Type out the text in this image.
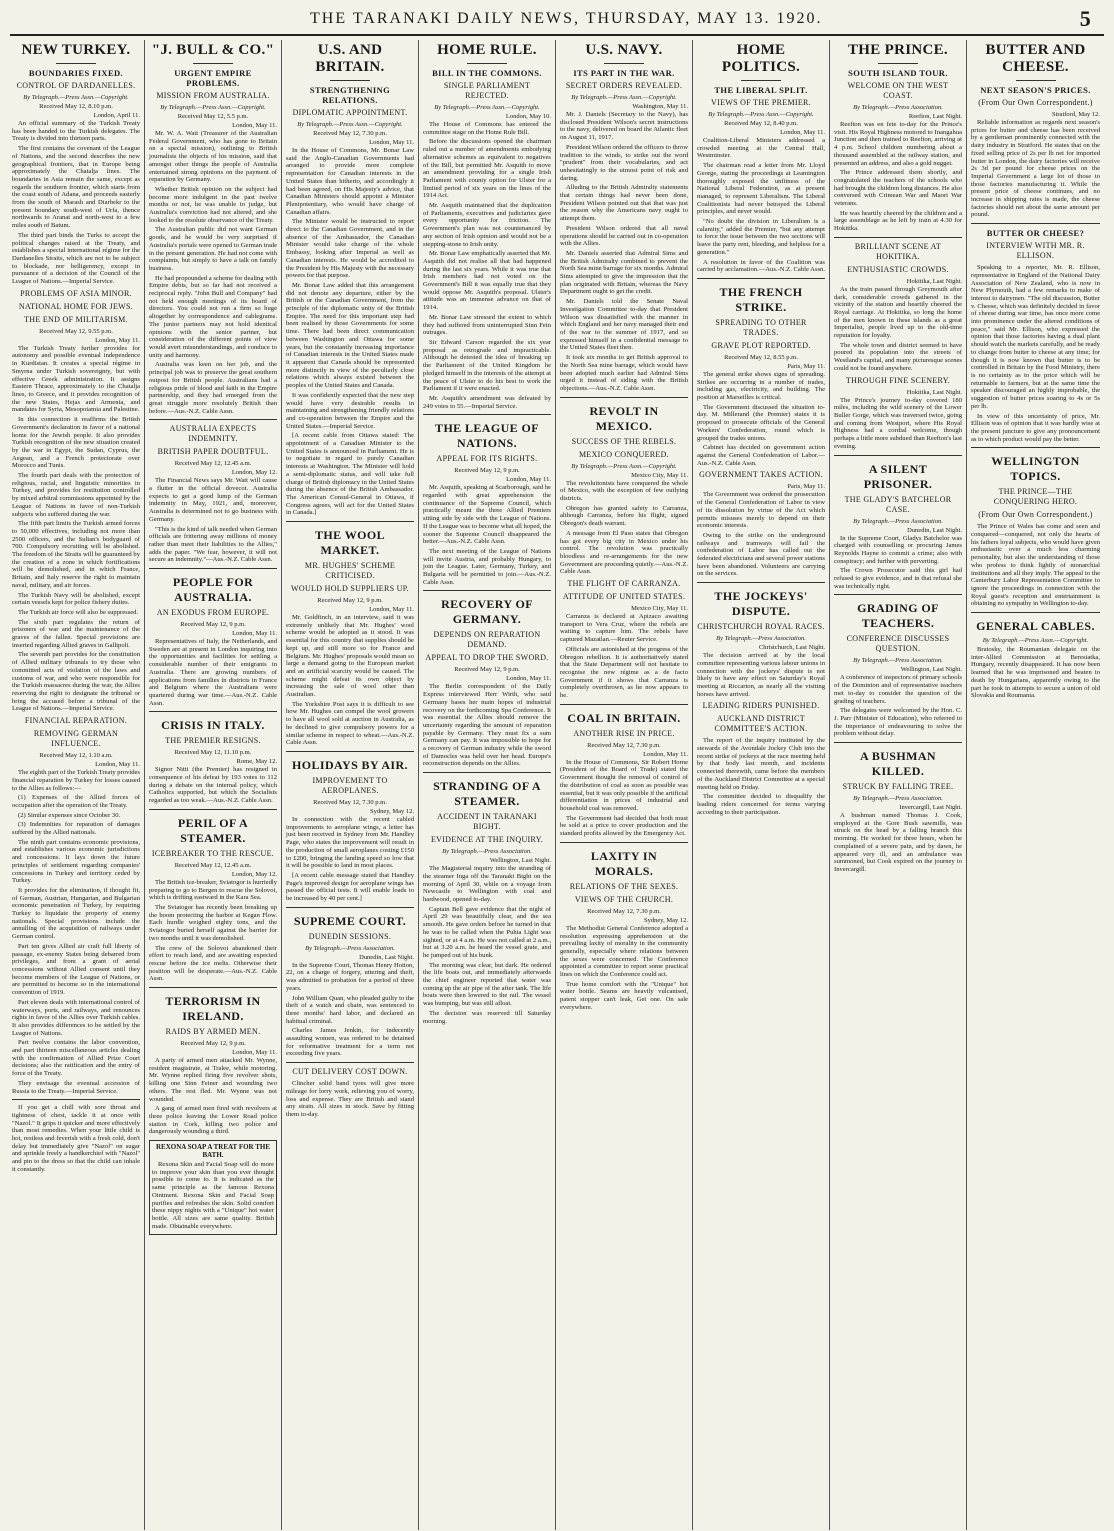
THE TARANAKI DAILY NEWS, THURSDAY, MAY 13. 1920.	5
NEW TURKEY.
BOUNDARIES FIXED.
CONTROL OF DARDANELLES.
By Telegraph.—Press Assn.—Copyright.
Received May 12, 8.10 p.m.
London, April 11.

An official summary of the Turkish Treaty has been handed to the Turkish delegates. The Treaty is divided into thirteen parts.

The first contains the covenant of the League of Nations, and the second describes the new geographical frontiers, that in Europe being approximately the Chatalja lines. The boundaries in Asia remain the same, except as regards the southern frontier, which starts from the coast south of Adana, and proceeds easterly from the south of Marash and Diarbekr to the present boundary south-west of Urfa, thence northwards to Aranat and north-west to a few miles south of Batum.

The third part binds the Turks to accept the political changes raised at the Treaty, and establishes a special international régime for the Dardanelles Straits, which are not to be subject to blockade, nor belligerency, except in pursuance of a decision of the Council of the League of Nations.—Imperial Service.

PROBLEMS OF ASIA MINOR.
NATIONAL HOME FOR JEWS.
THE END OF MILITARISM.
Received May 12, 9.55 p.m.
London, May 11.

The Turkish Treaty further provides for autonomy and possible eventual independence in Kurdistan. It creates a special régime in Smyrna under Turkish sovereignty, but with effective Greek administration. It assigns Eastern Thrace, approximately to the Chatalja lines, to Greece, and it provides recognition of the new States, Hejas and Armenia, and mandates for Syria, Mesopotamia and Palestine.

In this connection it reaffirms the British Government's declaration in favor of a national home for the Jewish people. It also provides Turkish recognition of the new situation created by the war in Egypt, the Sudan, Cyprus, the Aegean, and a French protectorate over Morocco and Tunis.

The fourth part deals with the protection of religious, racial, and linguistic minorities in Turkey, and provides for restitution controlled by mixed arbitral commissions appointed by the League of Nations in favor of non-Turkish subjects who suffered during the war.

The fifth part limits the Turkish armed forces to 50,000 effectives, including not more than 2500 officers, and the Sultan's bodyguard of 700. Compulsory recruiting will be abolished. The freedom of the Straits will be guaranteed by the creation of a zone in which fortifications will be demolished, and in which France, Britain, and Italy reserve the right to maintain naval, military, and air forces.

The Turkish Navy will be abolished, except certain vessels kept for police fishery duties.

The Turkish air force will also be suppressed.

The sixth part regulates the return of prisoners of war and the maintenance of the graves of the fallen. Special provisions are inserted regarding Allied graves in Gallipoli.

The seventh part provides for the constitution of Allied military tribunals to try those who committed acts of violation of the laws and customs of war, and who were responsible for the Turkish massacres during the war, the Allies reserving the right to designate the tribunal or bring the accused before a tribunal of the League of Nations.—Imperial Service.

FINANCIAL REPARATION.
REMOVING GERMAN INFLUENCE.
Received May 12, 1.10 a.m.
London, May 11.

The eighth part of the Turkish Treaty provides financial reparation by Turkey for losses caused to the Allies as follows:—

(1) Expenses of the Allied forces of occupation after the operation of the Treaty.

(2) Similar expenses since October 30.

(3) Indemnities for reparation of damages suffered by the Allied nationals.

The ninth part contains economic provisions, and establishes various economic jurisdictions and concessions. It lays down the future principles of settlement regarding companies' concessions in Turkey and territory ceded by Turkey.

It provides for the elimination, if thought fit, of German, Austrian, Hungarian, and Bulgarian economic penetration of Turkey, by requiring Turkey to liquidate the property of enemy nationals. Special provisions include the annulling of the acquisition of railways under German control.

Part ten gives Allied air craft full liberty of passage, ex-enemy States being debarred from privileges, and from a grant of aerial concessions without Allied consent until they become members of the League of Nations, or are permitted to become so in the international convention of 1919.

Part eleven deals with international control of waterways, ports, and railways, and renounces rights in favor of the Allies over Turkish cables. It also provides differences to be settled by the League of Nations.

Part twelve contains the labor convention, and part thirteen miscellaneous articles dealing with the confirmation of Allied Prize Court decisions; also the ratification and the entry of force of the Treaty.

They envisage the eventual accession of Russia to the Treaty.—Imperial Service.

If you get a chill with sore throat and tightness of chest, tackle it at once with "Nazol." It grips it quicker and more effectively than most remedies. When your little child is hot, restless and feverish with a fresh cold, don't delay but immediately give "Nazol" on sugar and sprinkle freely a handkerchief with "Nazol" and pin to the dress so that the child can inhale it constantly.

"J. BULL & CO."
URGENT EMPIRE PROBLEMS.
MISSION FROM AUSTRALIA.
By Telegraph.—Press Assn.—Copyright.
Received May 12, 5.5 p.m.
London, May 11.

Mr. W. A. Watt (Treasurer of the Australian Federal Government, who has gone to Britain on a special mission), outlining to British journalists the objects of his mission, said that amongst other things the people of Australia entertained strong opinions on the payment of reparation by Germany.

Whether British opinion on the subject had become more indulgent in the past twelve months or not, he was unable to judge, but Australia's conviction had not altered, and she looked to the resolute observance of the Treaty.

The Australian public did not want German goods, and he would be very surprised if Australia's portals were opened to German trade in the present generation. He had not come with complaints, but simply to have a talk on family business.

He had propounded a scheme for dealing with Empire debts, but so far had not received a reciprocal reply. "John Bull and Company" had not held enough meetings of its board of directors. You could not run a firm so huge altogether by correspondence and cablegrams. The junior partners may not hold identical opinions with the senior partner, but consideration of the different points of view would avert misunderstandings, and conduce to unity and harmony.

Australia was keen on her job, and the principal job was to preserve the great southern outpost for British people. Australians had a religious pride of blood and faith in the Empire partnership, and they had emerged from the great struggle more resolutely British than before.—Aus.-N.Z. Cable Assn.

AUSTRALIA EXPECTS INDEMNITY.
BRITISH PAPER DOUBTFUL.
Received May 12, 12.45 a.m.
London, May 12.

The Financial News says Mr. Watt will cause a flutter in the official dovecot. Australia expects to get a good lump of the German indemnity in May, 1921, and, moreover, Australia is determined not to go business with Germany.

"This is the kind of talk needed when German officials are frittering away millions of money rather than meet their liabilities to the Allies," adds the paper. "We fear, however, it will not secure an indemnity."—Aus.-N.Z. Cable Assn.

PEOPLE FOR AUSTRALIA.
AN EXODUS FROM EUROPE.
Received May 12, 9 p.m.
London, May 11.

Representatives of Italy, the Netherlands, and Sweden are at present in London inquiring into the opportunities and facilities for settling a considerable number of their emigrants in Australia. There are growing numbers of applications from families in districts in France and Belgium where the Australians were quartered during war time.—Aus.-N.Z. Cable Assn.

CRISIS IN ITALY.
THE PREMIER RESIGNS.
Received May 12, 11.10 p.m.
Rome, May 12.

Signor Nitti (the Premier) has resigned in consequence of his defeat by 193 votes to 112 during a debate on the internal policy, which Catholics supported, but which the Socialists regarded as too weak.—Aus.-N.Z. Cable Assn.

PERIL OF A STEAMER.
ICEBREAKER TO THE RESCUE.
Received May 12, 12.45 a.m.
London, May 12.

The British ice-breaker, Sviatogor is hurriedly preparing to go to Bergen to rescue the Solovoi, which is drifting eastward in the Kara Sea.

The Sviatogor has recently been breaking up the boom protecting the harbor at Kegan Flow. Each hurdle weighed eighty tons, and the Sviatogor buried herself against the barrier for two months until it was demolished.

The crew of the Solovoi abandoned their effort to reach land, and are awaiting expected rescue before the ice melts. Otherwise their position will be desperate.—Aus.-N.Z. Cable Assn.

TERRORISM IN IRELAND.
RAIDS BY ARMED MEN.
Received May 12, 9 p.m.
London, May 11.

A party of armed men attacked Mr. Wynne, resident magistrate, at Tralee, while motoring. Mr. Wynne replied firing five revolver shots, killing one Sinn Feiner and wounding two others. The rest fled. Mr. Wynne was not wounded.

A gang of armed men fired with revolvers at three police leaving the Lower Road police station in Cork, killing two police and dangerously wounding a third.

REXONA SOAP A TREAT FOR THE BATH.

Rexona Skin and Facial Soap will do more to improve your skin than you ever thought possible to come to. It is indicated as the same principle as the famous Rexona Ointment. Rexona Skin and Facial Soap purifies and refreshes the skin. Solid comfort these nippy nights with a "Unique" hot water bottle. All sizes are same quality. British made. Obtainable everywhere.

U.S. AND BRITAIN.
STRENGTHENING RELATIONS.
DIPLOMATIC APPOINTMENT.
By Telegraph.—Press Assn.—Copyright.
Received May 12, 7.30 p.m.
London, May 11.

In the House of Commons, Mr. Bonar Law said the Anglo-Canadian Governments had arranged to provide more complete representation for Canadian interests in the United States than hitherto, and accordingly it had been agreed, on His Majesty's advice, that Canadian Ministers should appoint a Minister Plenipotentiary, who would have charge of Canadian affairs.

The Minister would be instructed to report direct to the Canadian Government, and in the absence of the Ambassador, the Canadian Minister would take charge of the whole Embassy, looking after Imperial as well as Canadian interests. He would be accredited to the President by His Majesty with the necessary powers for that purpose.

Mr. Bonar Law added that this arrangement did not denote any departure, either by the British or the Canadian Government, from the principle of the diplomatic unity of the British Empire. The need for this important step had been realised by those Governments for some time. There had been direct communication between Washington and Ottawa for some years, but the constantly increasing importance of Canadian interests in the United States made it apparent that Canada should be represented more distinctly in view of the peculiarly close relations which always existed between the peoples of the United States and Canada.

It was confidently expected that the new step would have very desirable results in maintaining and strengthening friendly relations and co-operation between the Empire and the United States.—Imperial Service.

[A recent cable from Ottawa stated: The appointment of a Canadian Minister to the United States is announced in Parliament. He is to negotiate in regard to purely Canadian interests at Washington. The Minister will hold a semi-diplomatic status, and will take full charge of British diplomacy in the United States during the absence of the British Ambassador. The American Consul-General in Ottawa, if Congress agrees, will act for the United States in Canada.]

THE WOOL MARKET.
MR. HUGHES' SCHEME CRITICISED.
WOULD HOLD SUPPLIERS UP.
Received May 12, 9 p.m.
London, May 11.

Mr. Goldfinch, in an interview, said it was extremely unlikely that Mr. Hughes' wool scheme would be adopted as it stood. It was essential for this country that supplies should be kept up, and still more so for France and Belgium. Mr. Hughes' proposals would mean so large a demand going to the European market and an artificial scarcity would be caused. The scheme might defeat its own object by increasing the sale of wool other than Australian.

The Yorkshire Post says it is difficult to see how Mr. Hughes can compel the wool growers to have all wool sold at auction in Australia, as he declined to give compulsory powers for a similar scheme in respect to wheat.—Aus.-N.Z. Cable Assn.

HOLIDAYS BY AIR.
IMPROVEMENT TO AEROPLANES.
Received May 12, 7.30 p.m.
Sydney, May 12.

In connection with the recent cabled improvements to aeroplane wings, a letter has just been received in Sydney from Mr. Handley Page, who states the improvement will result in the production of small aeroplanes costing £150 to £200, bringing the landing speed so low that it will be possible to land in most places.

[A recent cable message stated that Handley Page's improved design for aeroplane wings has passed the official tests. It will enable loads to be increased by 40 per cent.]

SUPREME COURT.
DUNEDIN SESSIONS.
By Telegraph.—Press Association.
Dunedin, Last Night.

In the Supreme Court, Thomas Henry Hotton, 22, on a charge of forgery, uttering and theft, was admitted to probation for a period of three years.

John William Quan, who pleaded guilty to the theft of a watch and chain, was sentenced to three months' hard labor, and declared an habitual criminal.

Charles James Jenkin, for indecently assaulting women, was ordered to be detained for reformative treatment for a term not exceeding five years.

CUT DELIVERY COST DOWN.

Clincher solid band tyres will give more mileage for lorry work, relieving you of worry, loss and expense. They are British and stand any strain. All sizes in stock. Save by fitting them to-day.

HOME RULE.
BILL IN THE COMMONS.
SINGLE PARLIAMENT REJECTED.
By Telegraph.—Press Assn.—Copyright.
London, May 10.

The House of Commons has entered the committee stage on the Home Rule Bill.

Before the discussions opened the chairman ruled out a number of amendments embodying alternative schemes as equivalent to negatives of the Bill, but permitted Mr. Asquith to move an amendment providing for a single Irish Parliament with county option for Ulster for a limited period of six years on the lines of the 1914 Act.

Mr. Asquith maintained that the duplication of Parliaments, executives and judiciaries gave every opportunity for friction. The Government's plan was not countenanced by any section of Irish opinion and would not be a stepping-stone to Irish unity.

Mr. Bonar Law emphatically asserted that Mr. Asquith did not realise all that had happened during the last six years. While it was true that Irish members had not voted on the Government's Bill it was equally true that they would oppose Mr. Asquith's proposal. Ulster's attitude was an immense advance on that of 1914.

Mr. Bonar Law stressed the extent to which they had suffered from uninterrupted Sinn Fein outrages.

Sir Edward Carson regarded the six year proposal as retrograde and impracticable. Although he detested the idea of breaking up the Parliament of the United Kingdom he pledged himself in the interests of the attempt at the peace of Ulster to do his best to work the Parliament if it were enacted.

Mr. Asquith's amendment was defeated by 249 votes to 55.—Imperial Service.

THE LEAGUE OF NATIONS.
APPEAL FOR ITS RIGHTS.
Received May 12, 9 p.m.
London, May 11.

Mr. Asquith, speaking at Scarborough, said he regarded with great apprehension the continuance of the Supreme Council, which practically meant the three Allied Premiers sitting side by side with the League of Nations. If the League was to become what all hoped, the sooner the Supreme Council disappeared the better.—Aus.-N.Z. Cable Assn.

The next meeting of the League of Nations will invite Austria, and probably Hungary, to join the League. Later, Germany, Turkey, and Bulgaria will be permitted to join.—Aus.-N.Z. Cable Assn.

RECOVERY OF GERMANY.
DEPENDS ON REPARATION DEMAND.
APPEAL TO DROP THE SWORD.
Received May 12, 9 p.m.
London, May 11.

The Berlin correspondent of the Daily Express interviewed Herr Wirth, who said Germany bases her main hopes of industrial recovery on the forthcoming Spa Conference. It was essential the Allies should remove the uncertainty regarding the amount of reparation payable by Germany. They must fix a sum Germany can pay. It was impossible to hope for a recovery of German industry while the sword of Damocles was held over her head. Europe's reconstruction depends on the Allies.

STRANDING OF A STEAMER.
ACCIDENT IN TARANAKI BIGHT.
EVIDENCE AT THE INQUIRY.
By Telegraph.—Press Association.
Wellington, Last Night.

The Magisterial inquiry into the stranding of the steamer Inga off the Taranaki Bight on the morning of April 30, while on a voyage from Newcastle to Wellington with coal and hardwood, opened to-day.

Captain Bell gave evidence that the night of April 29 was beautifully clear, and the sea smooth. He gave orders before he turned in that he was to be called when the Puhia Light was sighted, or at 4 a.m. He was not called at 2 a.m., but at 3.20 a.m. he heard the vessel grate, and he jumped out of his bunk.

The morning was clear, but dark. He ordered the life boats out, and immediately afterwards the chief engineer reported that water was coming up the air pipe of the after tank. The life boats were then lowered to the rail. The vessel was bumping, but was still afloat.

The decision was reserved till Saturday morning.

U.S. NAVY.
ITS PART IN THE WAR.
SECRET ORDERS REVEALED.
By Telegraph.—Press Assn.—Copyright.
Washington, May 11.

Mr. J. Daniels (Secretary to the Navy), has disclosed President Wilson's secret instructions to the navy, delivered on board the Atlantic fleet on August 11, 1917.

President Wilson ordered the officers to throw tradition to the winds, to strike out the word "prudent" from their vocabularies, and act unhesitatingly to the utmost point of risk and daring.

Alluding to the British Admiralty statements that certain things had never been done, President Wilson pointed out that that was just the reason why the Americans navy ought to attempt them.

President Wilson ordered that all naval operations should be carried out in co-operation with the Allies.

Mr. Daniels asserted that Admiral Sims and the British Admiralty combined to prevent the North Sea mine barrage for six months. Admiral Sims attempted to give the impression that the plan originated with Britain, whereas the Navy Department ought to get the credit.

Mr. Daniels told the Senate Naval Investigation Committee to-day that President Wilson was dissatisfied with the manner in which England and her navy managed their end of the war to the summer of 1917, and so expressed himself in a confidential message to the United States fleet then.

It took six months to get British approval to the North Sea mine barrage, which would have been adopted much earlier had Admiral Sims urged it instead of siding with the British objections.—Aus.-N.Z. Cable Assn.

REVOLT IN MEXICO.
SUCCESS OF THE REBELS.
MEXICO CONQUERED.
By Telegraph.—Press Assn.—Copyright.
Mexico City, May 11.

The revolutionists have conquered the whole of Mexico, with the exception of few outlying districts.

Obregon has granted safety to Carranza, although Carranza, before his flight, signed Obregon's death warrant.

A message from El Paso states that Obregon has got every big city in Mexico under his control. The revolution was practically bloodless and re-arrangements for the new Government are proceeding quietly.—Aus.-N.Z. Cable Assn.

THE FLIGHT OF CARRANZA.
ATTITUDE OF UNITED STATES.
Mexico City, May 11.

Carranza is declared at Apizaco awaiting transport to Vera Cruz, where the rebels are waiting to capture him. The rebels have captured Mazatlan.—Reuter Service.

Officials are astonished at the progress of the Obregon rebellion. It is authoritatively stated that the State Department will not hesitate to recognise the new régime as a de facto Government if it shows that Carranza is completely overthrown, as he now appears to be.

COAL IN BRITAIN.
ANOTHER RISE IN PRICE.
Received May 12, 7.30 p.m.
London, May 11.

In the House of Commons, Sir Robert Horne (President of the Board of Trade) stated the Government thought the removal of control of the distribution of coal as soon as possible was essential, but it was only possible if the artificial differentiation in prices of industrial and household coal was removed.

The Government had decided that both must be sold at a price to cover production and the standard profits allowed by the Emergency Act.

LAXITY IN MORALS.
RELATIONS OF THE SEXES.
VIEWS OF THE CHURCH.
Received May 12, 7.30 p.m.
Sydney, May 12.

The Methodist General Conference adopted a resolution expressing apprehension at the prevailing laxity of morality in the community generally, especially where relations between the sexes were concerned. The Conference appointed a committee to report some practical lines on which the Conference could act.

True home comfort with the "Unique" hot water bottle. Seams are heavily vulcanised, patent stopper can't leak, Get one. On sale everywhere.

HOME POLITICS.
THE LIBERAL SPLIT.
VIEWS OF THE PREMIER.
By Telegraph.—Press Assn.—Copyright.
Received May 12, 8.40 p.m.
London, May 11.

Coalition-Liberal Ministers addressed a crowded meeting at the Central Hall, Westminster.

The chairman read a letter from Mr. Lloyd George, stating the proceedings at Leamington thoroughly exposed the unfitness of the National Liberal Federation, as at present managed, to represent Liberalism. The Liberal Coalitionists had never betrayed the Liberal principles, and never would.

"No doubt the division in Liberalism is a calamity," added the Premier, "but any attempt to force the issue between the two sections will leave the party rent, bleeding, and helpless for a generation."

A resolution in favor of the Coalition was carried by acclamation.—Aus.-N.Z. Cable Assn.

THE FRENCH STRIKE.
SPREADING TO OTHER TRADES.
GRAVE PLOT REPORTED.
Received May 12, 8.55 p.m.
Paris, May 11.

The general strike shows signs of spreading. Strikes are occurring in a number of trades, including gas, electricity, and building. The position at Marseilles is critical.

The Government discussed the situation to-day. M. Millerand (the Premier) states it is proposed to prosecute officials of the General Workers' Confederation, round which is grouped the trades unions.

Cabinet has decided on government action against the General Confederation of Labor.—Aus.-N.Z. Cable Assn.

GOVERNMENT TAKES ACTION.
Paris, May 11.

The Government was ordered the prosecution of the General Confederation of Labor in view of its dissolution by virtue of the Act which permits misuses merely to depend on their economic interests.

Owing to the strike on the underground railways and tramways will fail the confederation of Labor has called out the federated electricians and several power stations have been abandoned. Volunteers are carrying on the services.

THE JOCKEYS' DISPUTE.
CHRISTCHURCH ROYAL RACES.
By Telegraph.—Press Association.
Christchurch, Last Night.

The decision arrived at by the local committee representing various labour unions in connection with the jockeys' dispute is not likely to have any effect on Saturday's Royal meeting at Riccarton, as nearly all the visiting horses have arrived.

LEADING RIDERS PUNISHED.
AUCKLAND DISTRICT COMMITTEE'S ACTION.

The report of the inquiry instituted by the stewards of the Avondale Jockey Club into the recent strike of jockeys at the race meeting held by that body last month, and incidents connected therewith, came before the members of the Auckland District Committee at a special meeting held on Friday.

The committee decided to disqualify the leading riders concerned for terms varying according to their participation.

THE PRINCE.
SOUTH ISLAND TOUR.
WELCOME ON THE WEST COAST.
By Telegraph.—Press Association.
Reefton, Last Night.

Reefton was en fete to-day for the Prince's visit. His Royal Highness motored to Inangahua Junction and then trained to Reefton, arriving at 4 p.m. School children numbering about a thousand assembled at the railway station, and presented an address, and also a gold nugget.

The Prince addressed them shortly, and congratulated the teachers of the schools who had brought the children long distances. He also conversed with Crimean War and Maori War veterans.

He was heartily cheered by the children and a large assemblage as he left by train at 4.30 for Hokitika.

BRILLIANT SCENE AT HOKITIKA.
ENTHUSIASTIC CROWDS.
Hokitika, Last Night.

As the train passed through Greymouth after dark, considerable crowds gathered in the vicinity of the station and heartily cheered the Royal carriage. At Hokitika, so long the home of the men known in these islands as a great Imperialist, people lived up to the old-time reputation for loyalty.

The whole town and district seemed to have poured its population into the streets of Westland's capital, and many picturesque scenes could not be found anywhere.

THROUGH FINE SCENERY.
Hokitika, Last Night.

The Prince's journey to-day covered 180 miles, including the wild scenery of the Lower Buller Gorge, which was traversed twice, going and coming from Westport, where His Royal Highness had a cordial welcome, though perhaps a little more subdued than Reefton's last evening.

A SILENT PRISONER.
THE GLADY'S BATCHELOR CASE.
By Telegraph.—Press Association.
Dunedin, Last Night.

In the Supreme Court, Gladys Batchelor was charged with counselling or procuring James Reynolds Hayne to commit a crime; also with conspiracy; and further with perverting.

The Crown Prosecutor said this girl had refused to give evidence, and in that refusal she was technically right.

GRADING OF TEACHERS.
CONFERENCE DISCUSSES QUESTION.
By Telegraph.—Press Association.
Wellington, Last Night.

A conference of inspectors of primary schools of the Dominion and of representative teachers met to-day to consider the question of the grading of teachers.

The delegates were welcomed by the Hon. C. J. Parr (Minister of Education), who referred to the importance of endeavouring to solve the problem without delay.

A BUSHMAN KILLED.
STRUCK BY FALLING TREE.
By Telegraph.—Press Association.
Invercargill, Last Night.

A bushman named Thomas J. Cook, employed at the Gore Bush sawmills, was struck on the head by a falling branch this morning. He worked for three hours, when he complained of a severe pain, and by dawn, he appeared very ill, and an ambulance was summoned, but Cook expired on the journey to Invercargill.

BUTTER AND CHEESE.
NEXT SEASON'S PRICES.
(From Our Own Correspondent.)
Stratford, May 12.

Reliable information as regards next season's prices for butter and cheese has been received by a gentleman prominently connected with the dairy industry in Stratford. He states that on the fixed selling price of 2s per lb net for imported butter in London, the dairy factories will receive 2s 3d per pound for cheese prices on the Imperial Government a large lot of those to those factories manufacturing it. While the present price of cheese continues, and no increase in shipping rates is made, the cheese factories should net about the same amount per pound.

BUTTER OR CHEESE?
INTERVIEW WITH MR. R. ELLISON.

Speaking to a reporter, Mr. R. Ellison, representative in England of the National Dairy Association of New Zealand, who is now in New Plymouth, had a few remarks to make of interest to dairymen. "The old discussion, Butter v. Cheese, which was definitely decided in favor of cheese during war time, has once more come into prominence under the altered conditions of peace," said Mr. Ellison, who expressed the opinion that those factories having a dual plant should watch the markets carefully, and be ready to change from butter to cheese at any time; for though it is now known that butter is to be controlled in Britain by the Food Ministry, there is no certainty as to the price which will be returnable to farmers, but at the same time the speaker discouraged an highly improbable, the suggestion of butter prices soaring to 4s or 5s per lb.

In view of this uncertainty of price, Mr. Ellison was of opinion that it was hardly wise at the present juncture to give any pronouncement as to which product would pay the better.

WELLINGTON TOPICS.
THE PRINCE—THE CONQUERING HERO.
(From Our Own Correspondent.)

The Prince of Wales has come and seen and conquered—conquered, not only the hearts of his fathers loyal subjects, who would have given enthusiastic over a much less charming personality, but also the understanding of those who profess to think lightly of monarchial institutions and all they imply. The appeal to the Canterbury Labor Representation Committee to ignore the proceedings in connection with the Royal guest's reception and entertainment is obtaining no sympathy in Wellington to-day.

GENERAL CABLES.
By Telegraph.—Press Assn.—Copyright.

Bratosky, the Roumanian delegate on the inter-Allied Commission at Beresiatka, Hungary, recently disappeared. It has now been learned that he was imprisoned and beaten to death by Hungarians, apparently owing to the part he took in attempts to secure a union of old Slovakia and Roumania.
